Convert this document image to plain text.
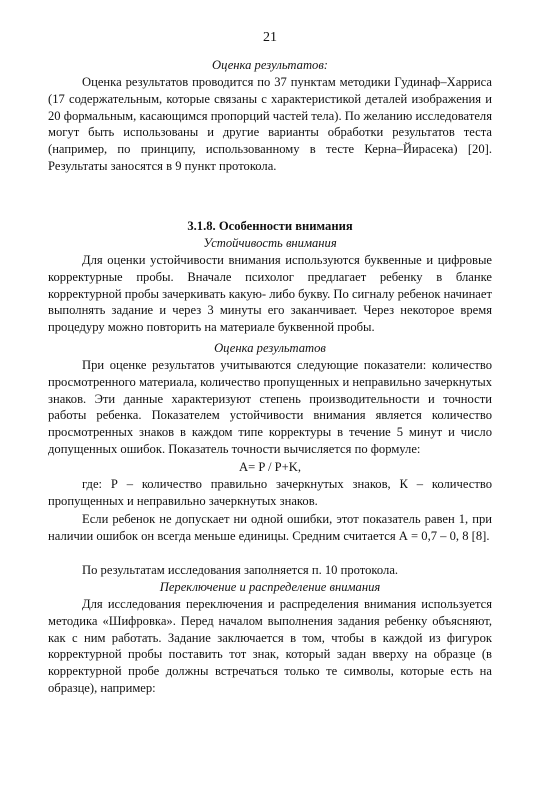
21
Оценка результатов:
Оценка результатов проводится по 37 пунктам методики Гудинаф–Харриса (17 содержательным, которые связаны с характеристикой деталей изображения и 20 формальным, касающимся пропорций частей тела). По желанию исследователя могут быть использованы и другие варианты обработки результатов теста (например, по принципу, использованному в тесте Керна–Йирасека) [20]. Результаты заносятся в 9 пункт протокола.
3.1.8. Особенности внимания
Устойчивость внимания
Для оценки устойчивости внимания используются буквенные и цифровые корректурные пробы. Вначале психолог предлагает ребенку в бланке корректурной пробы зачеркивать какую- либо букву. По сигналу ребенок начинает выполнять задание и через 3 минуты его заканчивает. Через некоторое время процедуру можно повторить на материале буквенной пробы.
Оценка результатов
При оценке результатов учитываются следующие показатели: количество просмотренного материала, количество пропущенных и неправильно зачеркнутых знаков. Эти данные характеризуют степень производительности и точности работы ребенка. Показателем устойчивости внимания является количество просмотренных знаков в каждом типе корректуры в течение 5 минут и число допущенных ошибок. Показатель точности вычисляется по формуле:
A= P / P+K,
где: Р – количество правильно зачеркнутых знаков, К – количество пропущенных и неправильно зачеркнутых знаков.
Если ребенок не допускает ни одной ошибки, этот показатель равен 1, при наличии ошибок он всегда меньше единицы. Средним считается А = 0,7 – 0, 8 [8].
По результатам исследования заполняется п. 10 протокола.
Переключение и распределение внимания
Для исследования переключения и распределения внимания используется методика «Шифровка». Перед началом выполнения задания ребенку объясняют, как с ним работать. Задание заключается в том, чтобы в каждой из фигурок корректурной пробы поставить тот знак, который задан вверху на образце (в корректурной пробе должны встречаться только те символы, которые есть на образце), например:
